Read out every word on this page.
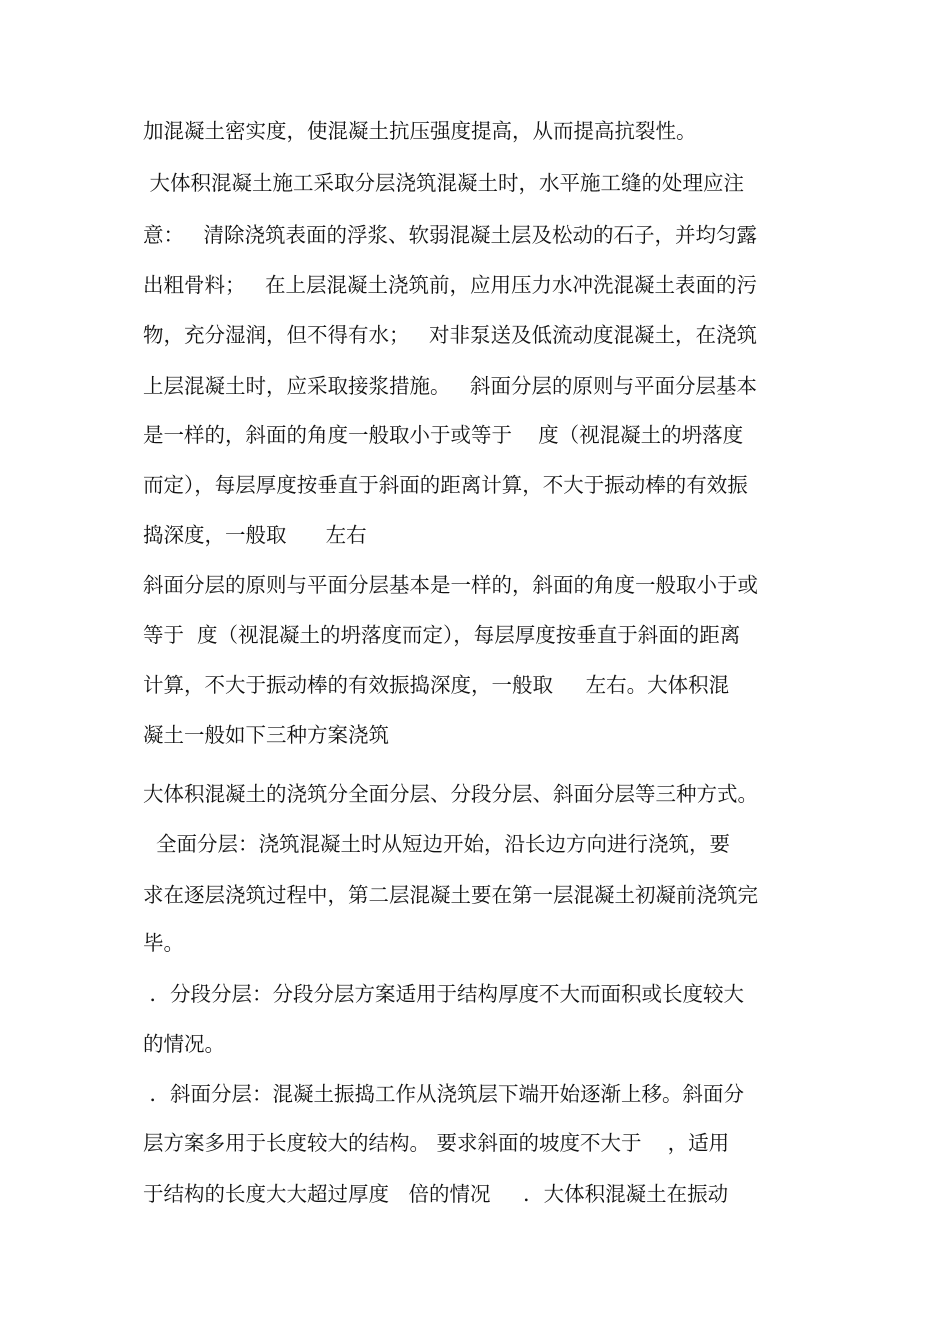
加混凝土密实度，使混凝土抗压强度提高，从而提高抗裂性。
大体积混凝土施工采取分层浇筑混凝土时，水平施工缝的处理应注
意：   清除浇筑表面的浮浆、软弱混凝土层及松动的石子，并均匀露
出粗骨料；   在上层混凝土浇筑前，应用压力水冲洗混凝土表面的污
物，充分湿润，但不得有水；   对非泵送及低流动度混凝土，在浇筑
上层混凝土时，应采取接浆措施。   斜面分层的原则与平面分层基本
是一样的，斜面的角度一般取小于或等于    度（视混凝土的坍落度
而定），每层厚度按垂直于斜面的距离计算，不大于振动棒的有效振
捣深度，一般取      左右
斜面分层的原则与平面分层基本是一样的，斜面的角度一般取小于或
等于  度（视混凝土的坍落度而定），每层厚度按垂直于斜面的距离
计算，不大于振动棒的有效振捣深度，一般取     左右。大体积混
凝土一般如下三种方案浇筑
大体积混凝土的浇筑分全面分层、分段分层、斜面分层等三种方式。
全面分层：浇筑混凝土时从短边开始，沿长边方向进行浇筑，要
求在逐层浇筑过程中，第二层混凝土要在第一层混凝土初凝前浇筑完
毕。
．分段分层：分段分层方案适用于结构厚度不大而面积或长度较大
的情况。
．斜面分层：混凝土振捣工作从浇筑层下端开始逐渐上移。斜面分
层方案多用于长度较大的结构。 要求斜面的坡度不大于    ，适用
于结构的长度大大超过厚度   倍的情况     ．大体积混凝土在振动
